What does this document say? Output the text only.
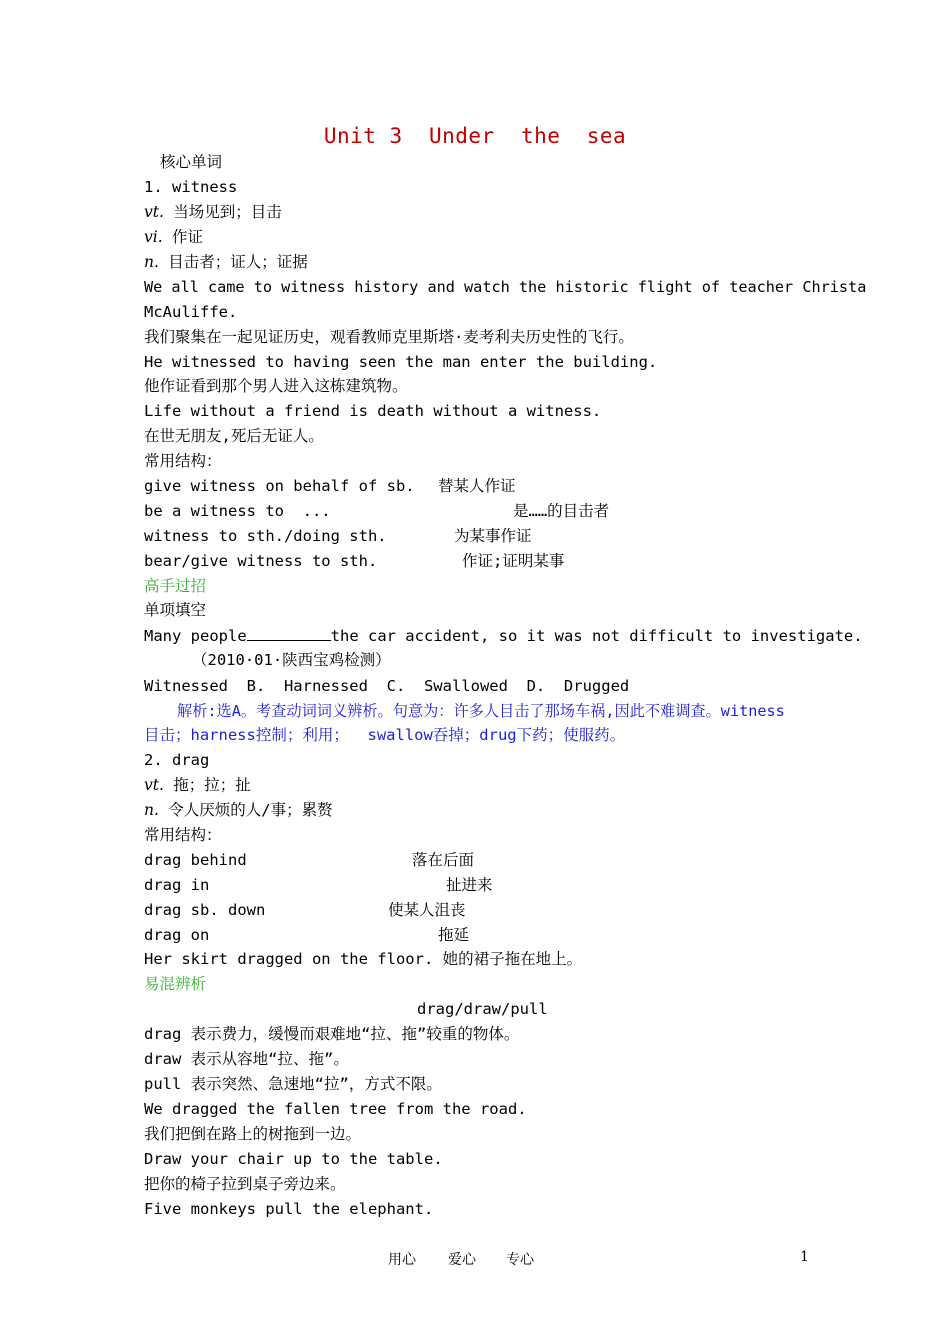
Unit 3  Under  the  sea
核心单词
1. witness
vt. 当场见到；目击
vi. 作证
n. 目击者；证人；证据
We all came to witness history and watch the historic flight of teacher Christa
McAuliffe.
我们聚集在一起见证历史，观看教师克里斯塔·麦考利夫历史性的飞行。
He witnessed to having seen the man enter the building.
他作证看到那个男人进入这栋建筑物。
Life without a friend is death without a witness.
在世无朋友,死后无证人。
常用结构：
give witness on behalf of sb. 替某人作证
be a witness to  ...	是……的目击者
witness to sth./doing sth.	为某事作证
bear/give witness to sth.	作证;证明某事
高手过招
单项填空
Many people	the car accident, so it was not difficult to investigate.
（2010·01·陕西宝鸡检测）
Witnessed  B.  Harnessed  C.  Swallowed  D.  Drugged
解析:选A。考查动词词义辨析。句意为：许多人目击了那场车祸,因此不难调查。witness
目击；harness控制；利用；  swallow吞掉；drug下药；使服药。
2. drag
vt. 拖；拉；扯
n. 令人厌烦的人/事；累赘
常用结构：
drag behind	落在后面
drag in	扯进来
drag sb. down	使某人沮丧
drag on	拖延
Her skirt dragged on the floor. 她的裙子拖在地上。
易混辨析
drag/draw/pull
drag 表示费力，缓慢而艰难地“拉、拖”较重的物体。
draw 表示从容地“拉、拖”。
pull 表示突然、急速地“拉”，方式不限。
We dragged the fallen tree from the road.
我们把倒在路上的树拖到一边。
Draw your chair up to the table.
把你的椅子拉到桌子旁边来。
Five monkeys pull the elephant.
用心 爱心 专心	1
